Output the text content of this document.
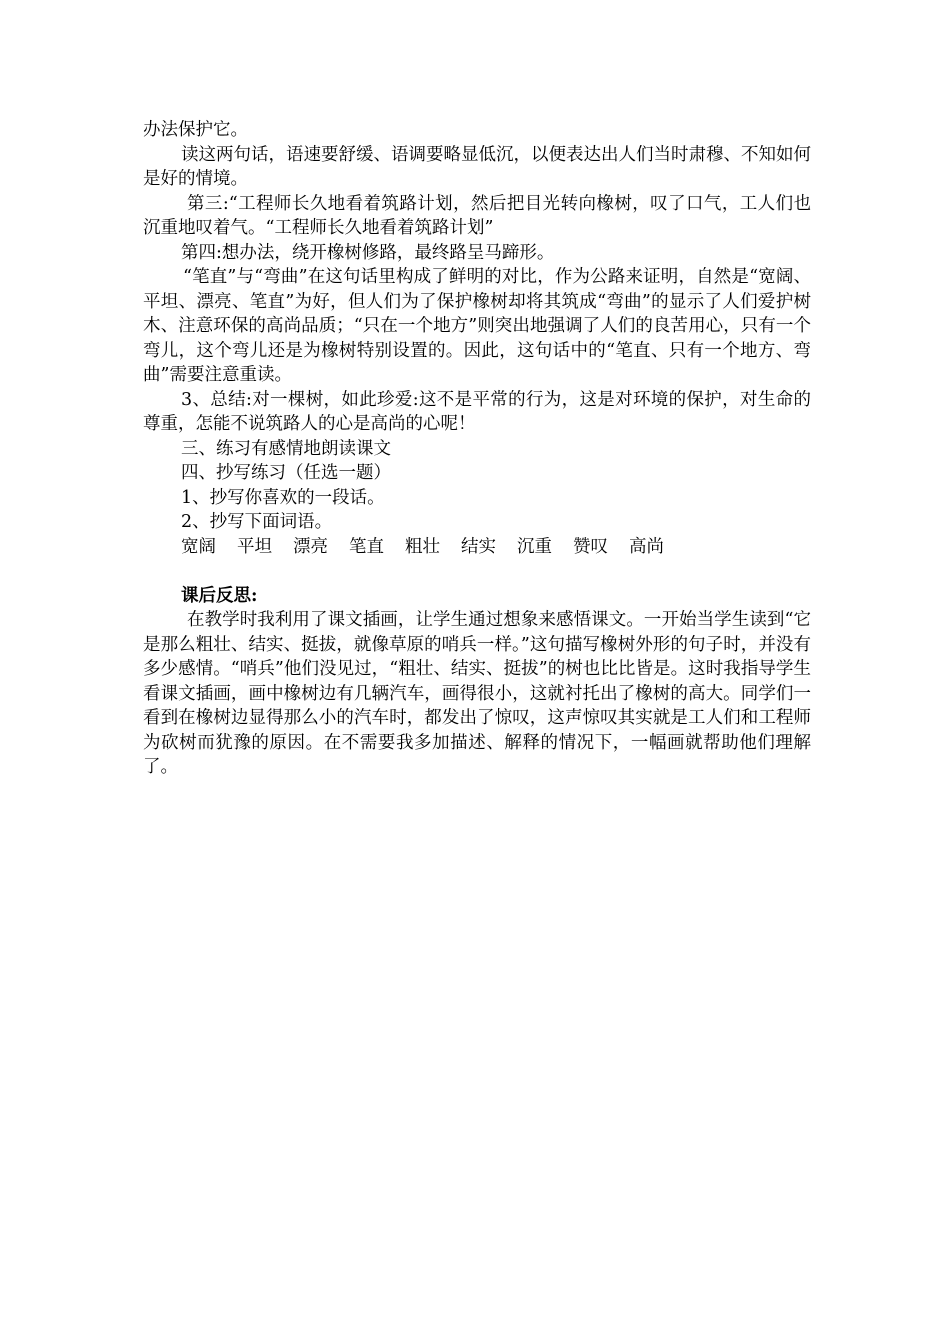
办法保护它。

读这两句话，语速要舒缓、语调要略显低沉，以便表达出人们当时肃穆、不知如何是好的情境。

第三:“工程师长久地看着筑路计划，然后把目光转向橡树，叹了口气，工人们也沉重地叹着气。“工程师长久地看着筑路计划”

第四:想办法，绕开橡树修路，最终路呈马蹄形。

“笔直”与“弯曲”在这句话里构成了鲜明的对比，作为公路来证明，自然是“宽阔、平坦、漂亮、笔直”为好，但人们为了保护橡树却将其筑成“弯曲”的显示了人们爱护树木、注意环保的高尚品质；“只在一个地方”则突出地强调了人们的良苦用心，只有一个弯儿，这个弯儿还是为橡树特别设置的。因此，这句话中的“笔直、只有一个地方、弯曲”需要注意重读。

3、总结:对一棵树，如此珍爱:这不是平常的行为，这是对环境的保护，对生命的尊重，怎能不说筑路人的心是高尚的心呢！

三、练习有感情地朗读课文

四、抄写练习（任选一题）

1、抄写你喜欢的一段话。

2、抄写下面词语。

宽阔 平坦 漂亮 笔直 粗壮 结实 沉重 赞叹 高尚

课后反思:

在教学时我利用了课文插画，让学生通过想象来感悟课文。一开始当学生读到“它是那么粗壮、结实、挺拔，就像草原的哨兵一样。”这句描写橡树外形的句子时，并没有多少感情。“哨兵”他们没见过，“粗壮、结实、挺拔”的树也比比皆是。这时我指导学生看课文插画，画中橡树边有几辆汽车，画得很小，这就衬托出了橡树的高大。同学们一看到在橡树边显得那么小的汽车时，都发出了惊叹，这声惊叹其实就是工人们和工程师为砍树而犹豫的原因。在不需要我多加描述、解释的情况下，一幅画就帮助他们理解了。
